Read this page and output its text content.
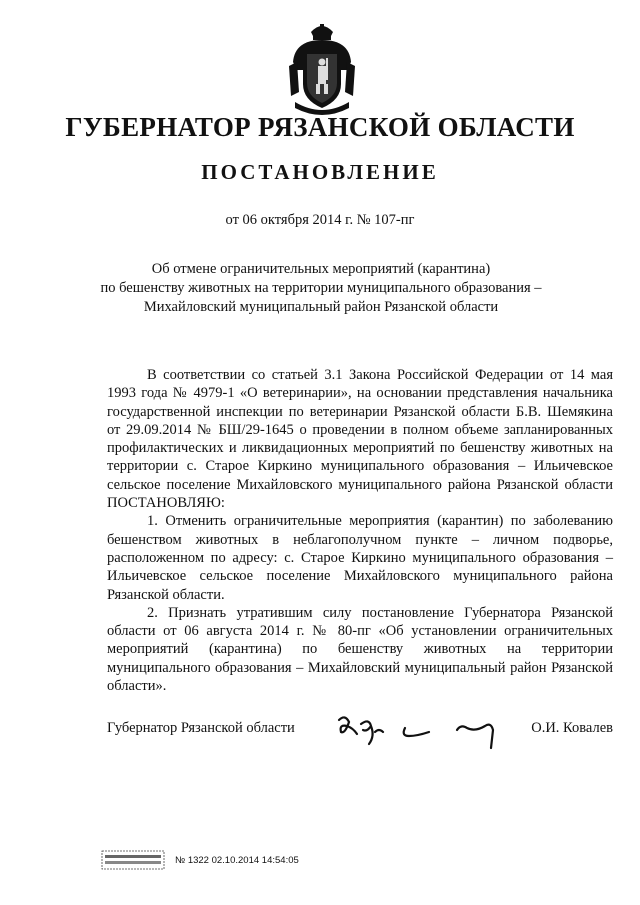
ГУБЕРНАТОР РЯЗАНСКОЙ ОБЛАСТИ
ПОСТАНОВЛЕНИЕ
от 06 октября 2014 г. № 107-пг
Об отмене ограничительных мероприятий (карантина)
по бешенству животных на территории муниципального образования –
Михайловский муниципальный район Рязанской области

В соответствии со статьей 3.1 Закона Российской Федерации от 14 мая 1993 года № 4979-1 «О ветеринарии», на основании представления начальника государственной инспекции по ветеринарии Рязанской области Б.В. Шемякина от 29.09.2014 № БШ/29-1645 о проведении в полном объеме запланированных профилактических и ликвидационных мероприятий по бешенству животных на территории с. Старое Киркино муниципального образования – Ильичевское сельское поселение Михайловского муниципального района Рязанской области ПОСТАНОВЛЯЮ:

1. Отменить ограничительные мероприятия (карантин) по заболеванию бешенством животных в неблагополучном пункте – личном подворье, расположенном по адресу: с. Старое Киркино муниципального образования – Ильичевское сельское поселение Михайловского муниципального района Рязанской области.

2. Признать утратившим силу постановление Губернатора Рязанской области от 06 августа 2014 г. № 80-пг «Об установлении ограничительных мероприятий (карантина) по бешенству животных на территории муниципального образования – Михайловский муниципальный район Рязанской области».

Губернатор Рязанской области	О.И. Ковалев
№ 1322 02.10.2014 14:54:05
